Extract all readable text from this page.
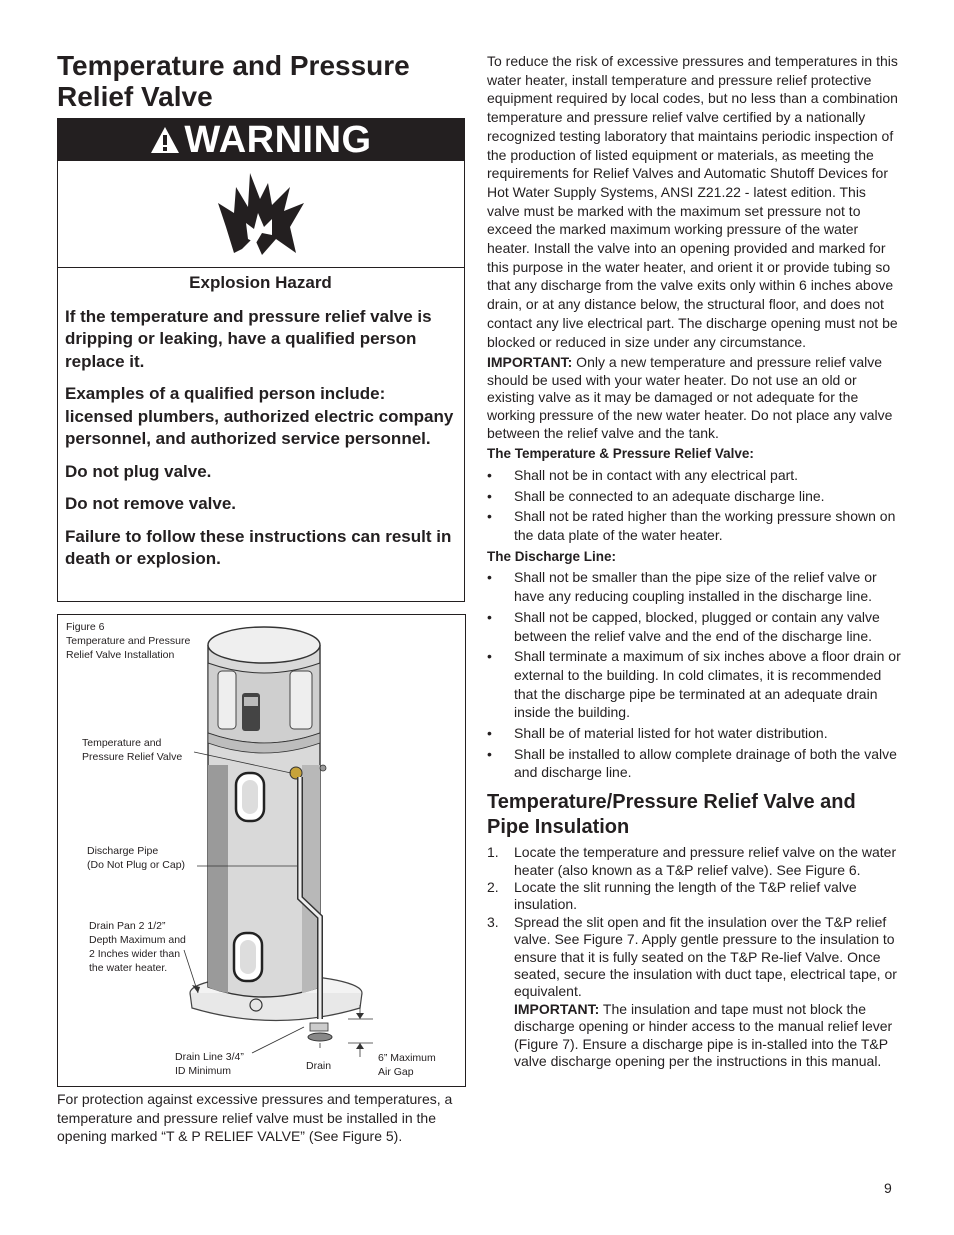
Temperature and Pressure Relief Valve
WARNING

Explosion Hazard

If the temperature and pressure relief valve is dripping or leaking, have a qualified person replace it.

Examples of a qualified person include: licensed plumbers, authorized electric company personnel, and authorized service personnel.

Do not plug valve.

Do not remove valve.

Failure to follow these instructions can result in death or explosion.

Figure 6
Temperature and Pressure
Relief Valve Installation
Temperature and
Pressure Relief Valve
Discharge Pipe
(Do Not Plug or Cap)
Drain Pan 2 1/2”
Depth Maximum and
2 Inches wider than
the water heater.
Drain Line 3/4”
ID Minimum	Drain
6” Maximum
Air Gap

For protection against excessive pressures and temperatures, a temperature and pressure relief valve must be installed in the opening marked “T & P RELIEF VALVE” (See Figure 5).

To reduce the risk of excessive pressures and temperatures in this water heater, install temperature and pressure relief protective equipment required by local codes, but no less than a combination temperature and pressure relief valve certified by a nationally recognized testing laboratory that maintains periodic inspection of the production of listed equipment or materials, as meeting the requirements for Relief Valves and Automatic Shutoff Devices for Hot Water Supply Systems, ANSI Z21.22 - latest edition. This valve must be marked with the maximum set pressure not to exceed the marked maximum working pressure of the water heater. Install the valve into an opening provided and marked for this purpose in the water heater, and orient it or provide tubing so that any discharge from the valve exits only within 6 inches above drain, or at any distance below, the structural floor, and does not contact any live electrical part. The discharge opening must not be blocked or reduced in size under any circumstance.

IMPORTANT: Only a new temperature and pressure relief valve should be used with your water heater. Do not use an old or existing valve as it may be damaged or not adequate for the working pressure of the new water heater. Do not place any valve between the relief valve and the tank.

The Temperature & Pressure Relief Valve:

• Shall not be in contact with any electrical part.
• Shall be connected to an adequate discharge line.
• Shall not be rated higher than the working pressure shown on the data plate of the water heater.

The Discharge Line:

• Shall not be smaller than the pipe size of the relief valve or have any reducing coupling installed in the discharge line.
• Shall not be capped, blocked, plugged or contain any valve between the relief valve and the end of the discharge line.
• Shall terminate a maximum of six inches above a floor drain or external to the building. In cold climates, it is recommended that the discharge pipe be terminated at an adequate drain inside the building.
• Shall be of material listed for hot water distribution.
• Shall be installed to allow complete drainage of both the valve and discharge line.

Temperature/Pressure Relief Valve and Pipe Insulation

1. Locate the temperature and pressure relief valve on the water heater (also known as a T&P relief valve). See Figure 6.
2. Locate the slit running the length of the T&P relief valve insulation.
3. Spread the slit open and fit the insulation over the T&P relief valve. See Figure 7. Apply gentle pressure to the insulation to ensure that it is fully seated on the T&P Re-lief Valve. Once seated, secure the insulation with duct tape, electrical tape, or equivalent.
IMPORTANT: The insulation and tape must not block the discharge opening or hinder access to the manual relief lever (Figure 7). Ensure a discharge pipe is in-stalled into the T&P valve discharge opening per the instructions in this manual.
9
